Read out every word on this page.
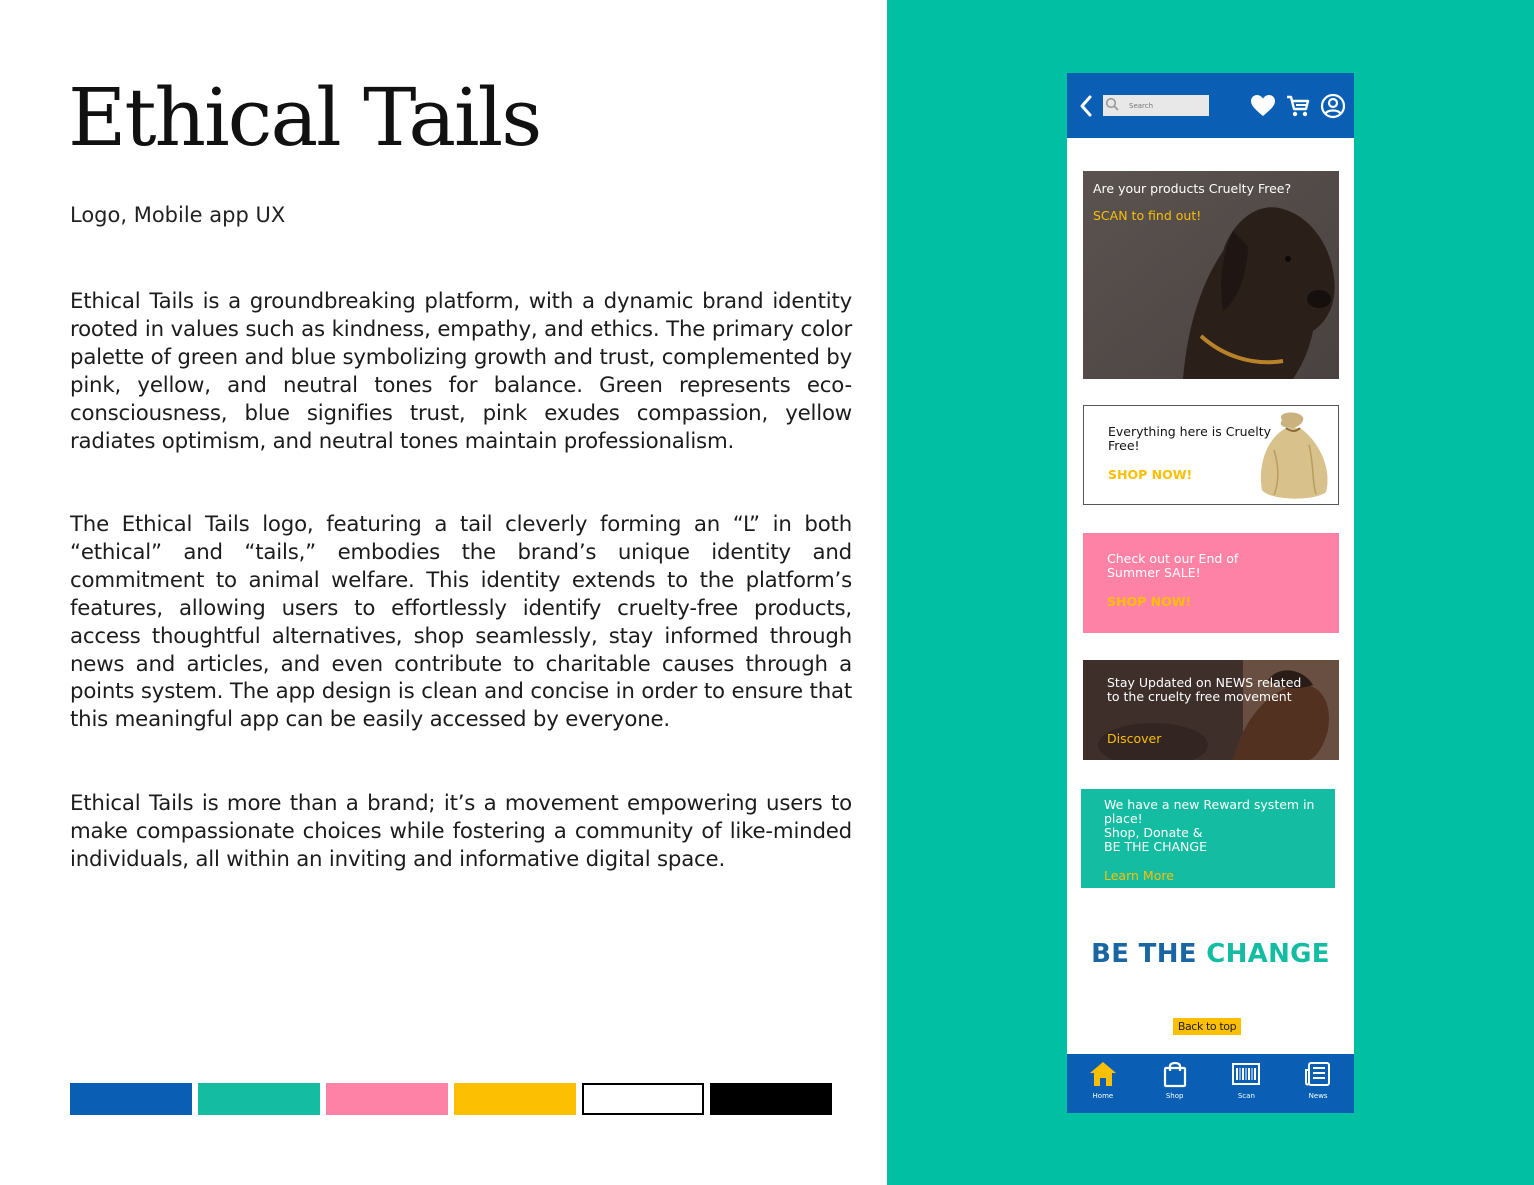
Ethical Tails
Logo, Mobile app UX

Ethical Tails is a groundbreaking platform, with a dynamic brand identity rooted in values such as kindness, empathy, and ethics. The primary color palette of green and blue symbolizing growth and trust, complemented by pink, yellow, and neutral tones for balance. Green represents eco-consciousness, blue signifies trust, pink exudes compassion, yellow radiates optimism, and neutral tones maintain professionalism.

The Ethical Tails logo, featuring a tail cleverly forming an “L” in both “ethical” and “tails,” embodies the brand’s unique identity and commitment to animal welfare. This identity extends to the platform’s features, allowing users to effortlessly identify cruelty-free products, access thoughtful alternatives, shop seamlessly, stay informed through news and articles, and even contribute to charitable causes through a points system. The app design is clean and concise in order to ensure that this meaningful app can be easily accessed by everyone.

Ethical Tails is more than a brand; it’s a movement empowering users to make compassionate choices while fostering a community of like-minded individuals, all within an inviting and informative digital space.

Search
Are your products Cruelty Free?
SCAN to find out!
Everything here is Cruelty Free!
SHOP NOW!
Check out our End of Summer SALE!
SHOP NOW!
Stay Updated on NEWS related to the cruelty free movement
Discover
We have a new Reward system in place!
Shop, Donate &
BE THE CHANGE
Learn More
BE THE CHANGE
Back to top
Home	Shop	Scan	News
